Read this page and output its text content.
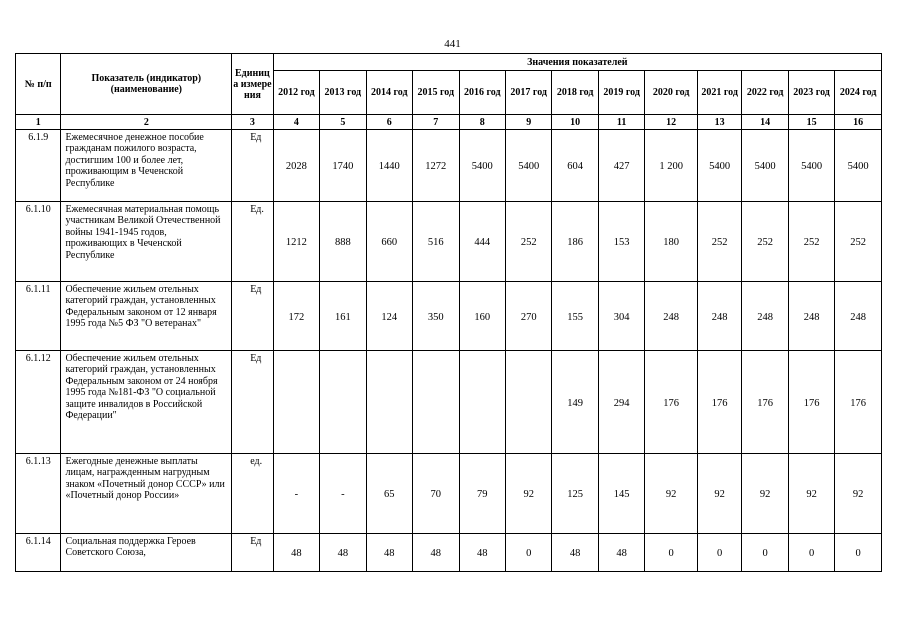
441
№ п/п	Показатель (индикатор) (наименование)	Единиц а измере ния	Значения показателей												
			2012 год	2013 год	2014 год	2015 год	2016 год	2017 год	2018 год	2019 год	2020 год	2021 год	2022 год	2023 год	2024 год
1	2	3	4	5	6	7	8	9	10	11	12	13	14	15	16
6.1.9	Ежемесячное денежное пособие гражданам пожилого возраста, достигшим 100 и более лет, проживающим в Чеченской Республике	Ед	2028	1740	1440	1272	5400	5400	604	427	1 200	5400	5400	5400	5400
6.1.10	Ежемесячная материальная помощь участникам Великой Отечественной войны 1941-1945 годов, проживающих в Чеченской Республике	Ед.	1212	888	660	516	444	252	186	153	180	252	252	252	252
6.1.11	Обеспечение жильем отельных категорий граждан, установленных Федеральным законом от 12 января 1995 года №5 ФЗ "О ветеранах"	Ед	172	161	124	350	160	270	155	304	248	248	248	248	248
6.1.12	Обеспечение жильем отельных категорий граждан, установленных Федеральным законом от 24 ноября 1995 года №181-ФЗ "О социальной защите инвалидов в Российской Федерации"	Ед							149	294	176	176	176	176	176
6.1.13	Ежегодные денежные выплаты лицам, награжденным нагрудным знаком «Почетный донор СССР» или «Почетный донор России»	ед.	-	-	65	70	79	92	125	145	92	92	92	92	92
6.1.14	Социальная поддержка Героев Советского Союза,	Ед	48	48	48	48	48	0	48	48	0	0	0	0	0
